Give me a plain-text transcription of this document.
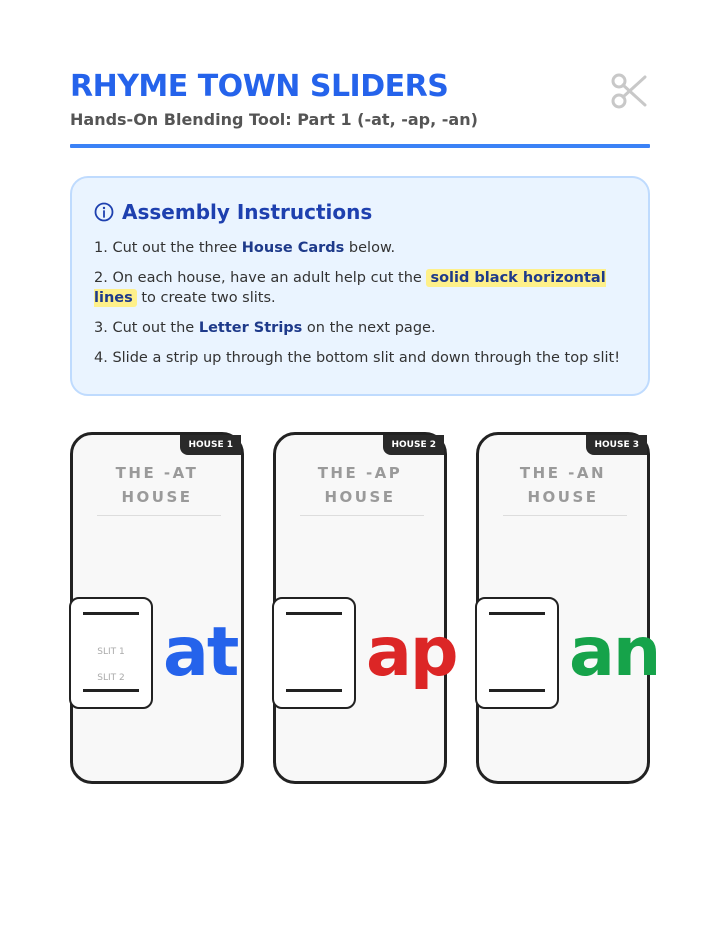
RHYME TOWN SLIDERS
Hands-On Blending Tool: Part 1 (-at, -ap, -an)
Assembly Instructions
1. Cut out the three House Cards below.
2. On each house, have an adult help cut the solid black horizontal lines to create two slits.
3. Cut out the Letter Strips on the next page.
4. Slide a strip up through the bottom slit and down through the top slit!
HOUSE 1
THE -AT
HOUSE
SLIT 1
SLIT 2 at
HOUSE 2
THE -AP
HOUSE
ap
HOUSE 3
THE -AN
HOUSE
an
